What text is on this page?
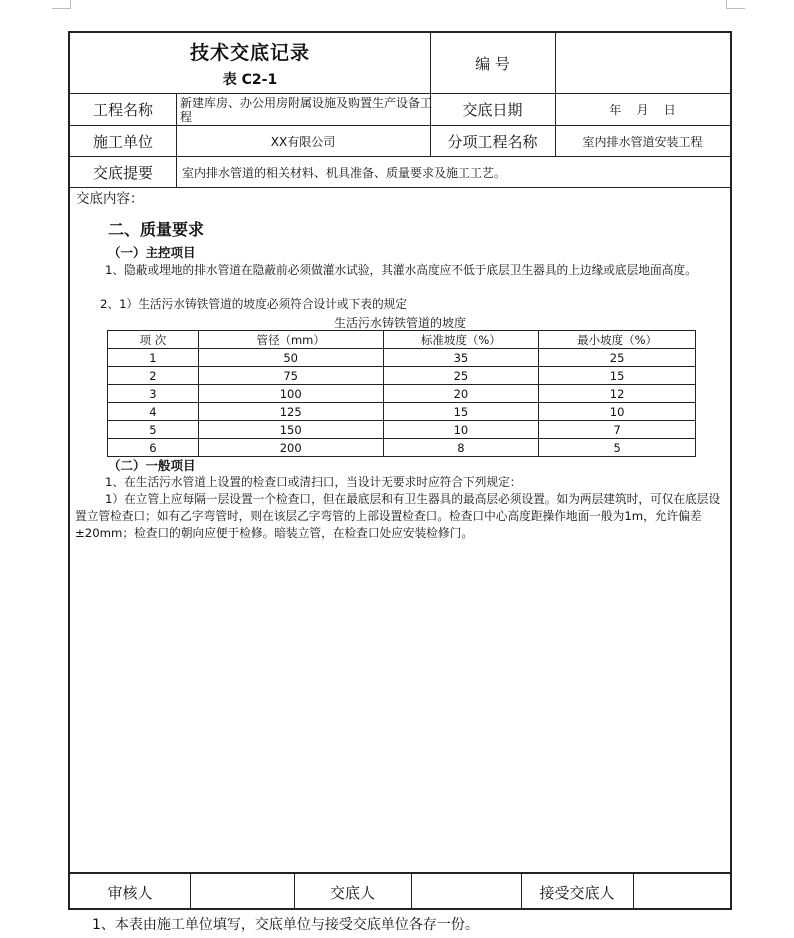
技术交底记录
表 C2-1
编 号
工程名称	新建库房、办公用房附属设施及购置生产设备工程	交底日期	年    月    日
施工单位	XX有限公司	分项工程名称	室内排水管道安装工程
交底提要	室内排水管道的相关材料、机具准备、质量要求及施工工艺。
交底内容：
二、质量要求
（一）主控项目
1、隐蔽或埋地的排水管道在隐蔽前必须做灌水试验，其灌水高度应不低于底层卫生器具的上边缘或底层地面高度。
2、1）生活污水铸铁管道的坡度必须符合设计或下表的规定
生活污水铸铁管道的坡度
项 次	管径（mm）	标准坡度（%）	最小坡度（%）
1	50	35	25
2	75	25	15
3	100	20	12
4	125	15	10
5	150	10	7
6	200	8	5
（二）一般项目
1、在生活污水管道上设置的检查口或清扫口，当设计无要求时应符合下列规定：
1）在立管上应每隔一层设置一个检查口，但在最底层和有卫生器具的最高层必须设置。如为两层建筑时，可仅在底层设置立管检查口；如有乙字弯管时，则在该层乙字弯管的上部设置检查口。检查口中心高度距操作地面一般为1m，允许偏差±20mm；检查口的朝向应便于检修。暗装立管，在检查口处应安装检修门。
审核人	交底人	接受交底人
1、本表由施工单位填写，交底单位与接受交底单位各存一份。
